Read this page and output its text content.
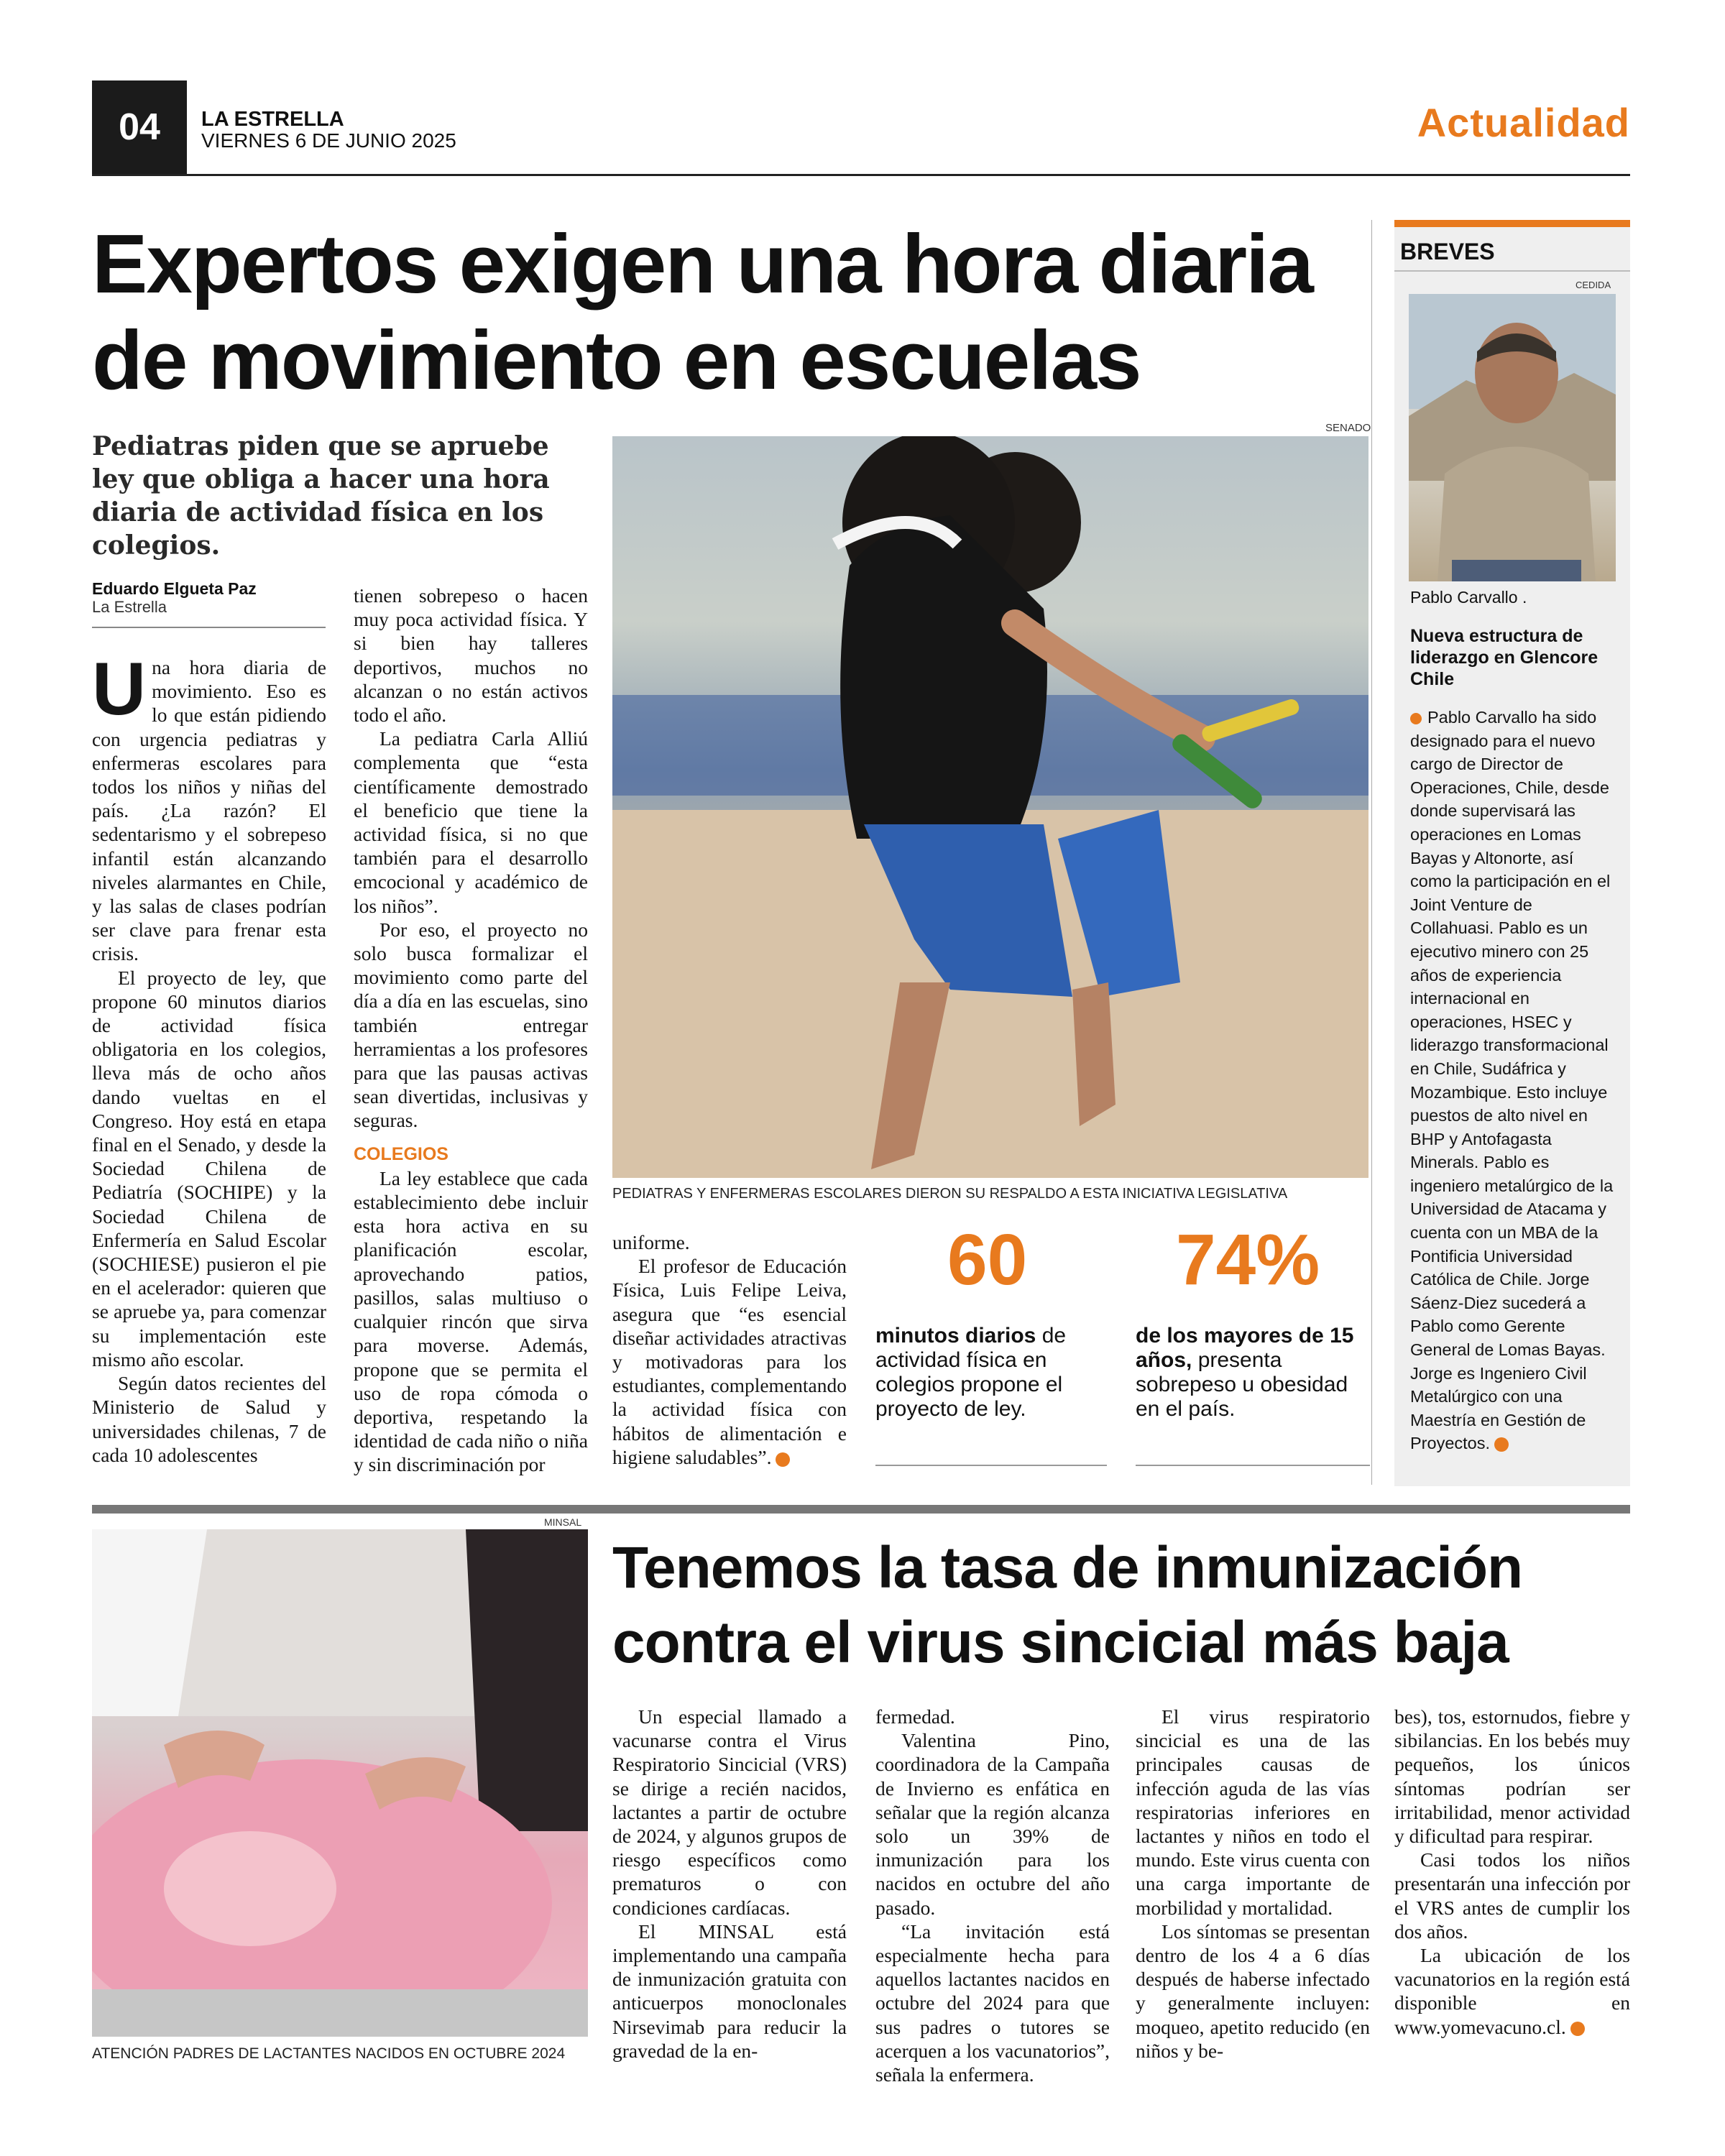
04	LA ESTRELLA
VIERNES 6 DE JUNIO 2025	Actualidad
Expertos exigen una hora diaria
de movimiento en escuelas
Pediatras piden que se apruebe ley que obliga a hacer una hora diaria de actividad física en los colegios.
Eduardo Elgueta Paz
La Estrella

Una hora diaria de movimiento. Eso es lo que están pidiendo con urgencia pediatras y enfermeras escolares para todos los niños y niñas del país. ¿La razón? El sedentarismo y el sobrepeso infantil están alcanzando niveles alarmantes en Chile, y las salas de clases podrían ser clave para frenar esta crisis.

El proyecto de ley, que propone 60 minutos diarios de actividad física obligatoria en los colegios, lleva más de ocho años dando vueltas en el Congreso. Hoy está en etapa final en el Senado, y desde la Sociedad Chilena de Pediatría (SOCHIPE) y la Sociedad Chilena de Enfermería en Salud Escolar (SOCHIESE) pusieron el pie en el acelerador: quieren que se apruebe ya, para comenzar su implementación este mismo año escolar.

Según datos recientes del Ministerio de Salud y universidades chilenas, 7 de cada 10 adolescentes

tienen sobrepeso o hacen muy poca actividad física. Y si bien hay talleres deportivos, muchos no alcanzan o no están activos todo el año.

La pediatra Carla Alliú complementa que “esta científicamente demostrado el beneficio que tiene la actividad física, si no que también para el desarrollo emcocional y académico de los niños”.

Por eso, el proyecto no solo busca formalizar el movimiento como parte del día a día en las escuelas, sino también entregar herramientas a los profesores para que las pausas activas sean divertidas, inclusivas y seguras.

COLEGIOS

La ley establece que cada establecimiento debe incluir esta hora activa en su planificación escolar, aprovechando patios, pasillos, salas multiuso o cualquier rincón que sirva para moverse. Además, propone que se permita el uso de ropa cómoda o deportiva, respetando la identidad de cada niño o niña y sin discriminación por

uniforme.

El profesor de Educación Física, Luis Felipe Leiva, asegura que “es esencial diseñar actividades atractivas y motivadoras para los estudiantes, complementando la actividad física con hábitos de alimentación e higiene saludables”.

SENADO
PEDIATRAS Y ENFERMERAS ESCOLARES DIERON SU RESPALDO A ESTA INICIATIVA LEGISLATIVA
60
minutos diarios de actividad física en colegios propone el proyecto de ley.
74%
de los mayores de 15 años, presenta sobrepeso u obesidad en el país.
BREVES
CEDIDA
Pablo Carvallo .
Nueva estructura de liderazgo en Glencore Chile
Pablo Carvallo ha sido designado para el nuevo cargo de Director de Operaciones, Chile, desde donde supervisará las operaciones en Lomas Bayas y Altonorte, así como la participación en el Joint Venture de Collahuasi. Pablo es un ejecutivo minero con 25 años de experiencia internacional en operaciones, HSEC y liderazgo transformacional en Chile, Sudáfrica y Mozambique. Esto incluye puestos de alto nivel en BHP y Antofagasta Minerals. Pablo es ingeniero metalúrgico de la Universidad de Atacama y cuenta con un MBA de la Pontificia Universidad Católica de Chile. Jorge Sáenz-Diez sucederá a Pablo como Gerente General de Lomas Bayas. Jorge es Ingeniero Civil Metalúrgico con una Maestría en Gestión de Proyectos.
MINSAL
ATENCIÓN PADRES DE LACTANTES NACIDOS EN OCTUBRE 2024
Tenemos la tasa de inmunización
contra el virus sincicial más baja

Un especial llamado a vacunarse contra el Virus Respiratorio Sincicial (VRS) se dirige a recién nacidos, lactantes a partir de octubre de 2024, y algunos grupos de riesgo específicos como prematuros o con condiciones cardíacas.

El MINSAL está implementando una campaña de inmunización gratuita con anticuerpos monoclonales Nirsevimab para reducir la gravedad de la en-

fermedad.

Valentina Pino, coordinadora de la Campaña de Invierno es enfática en señalar que la región alcanza solo un 39% de inmunización para los nacidos en octubre del año pasado.

“La invitación está especialmente hecha para aquellos lactantes nacidos en octubre del 2024 para que sus padres o tutores se acerquen a los vacunatorios”, señala la enfermera.

El virus respiratorio sincicial es una de las principales causas de infección aguda de las vías respiratorias inferiores en lactantes y niños en todo el mundo. Este virus cuenta con una carga importante de morbilidad y mortalidad.

Los síntomas se presentan dentro de los 4 a 6 días después de haberse infectado y generalmente incluyen: moqueo, apetito reducido (en niños y be-

bes), tos, estornudos, fiebre y sibilancias. En los bebés muy pequeños, los únicos síntomas podrían ser irritabilidad, menor actividad y dificultad para respirar.

Casi todos los niños presentarán una infección por el VRS antes de cumplir los dos años.

La ubicación de los vacunatorios en la región está disponible en www.yomevacuno.cl.
